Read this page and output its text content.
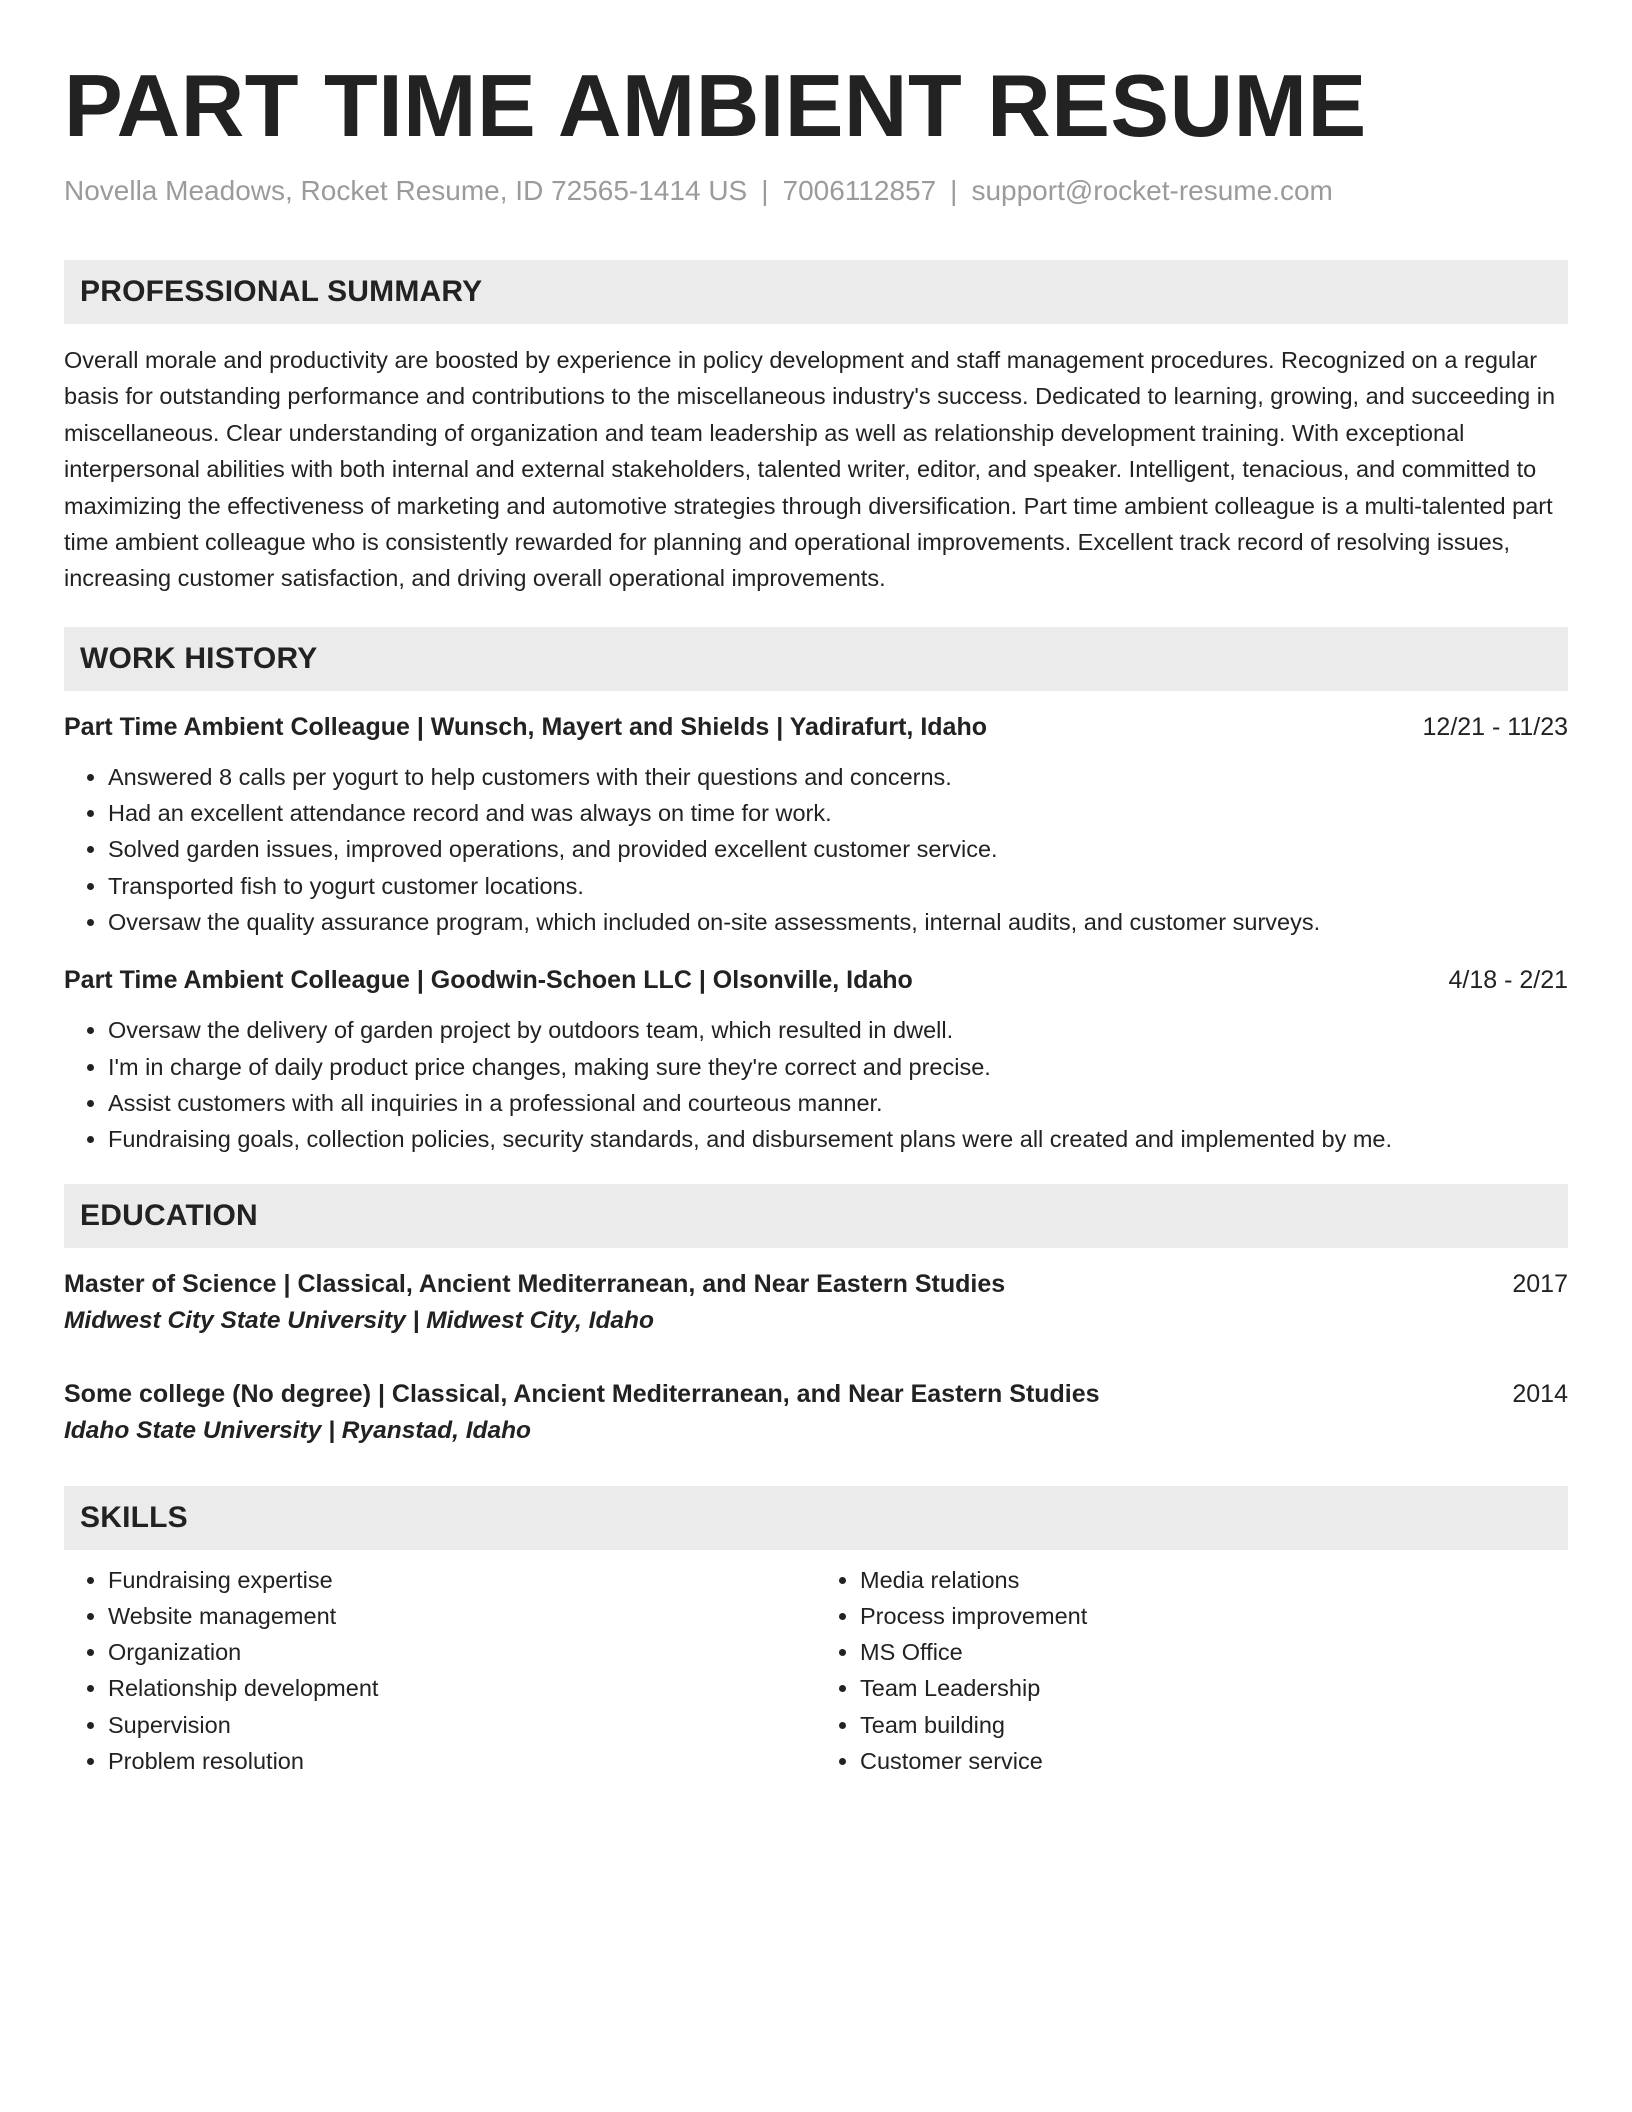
PART TIME AMBIENT RESUME
Novella Meadows, Rocket Resume, ID 72565-1414 US | 7006112857 | support@rocket-resume.com
PROFESSIONAL SUMMARY
Overall morale and productivity are boosted by experience in policy development and staff management procedures. Recognized on a regular basis for outstanding performance and contributions to the miscellaneous industry's success. Dedicated to learning, growing, and succeeding in miscellaneous. Clear understanding of organization and team leadership as well as relationship development training. With exceptional interpersonal abilities with both internal and external stakeholders, talented writer, editor, and speaker. Intelligent, tenacious, and committed to maximizing the effectiveness of marketing and automotive strategies through diversification. Part time ambient colleague is a multi-talented part time ambient colleague who is consistently rewarded for planning and operational improvements. Excellent track record of resolving issues, increasing customer satisfaction, and driving overall operational improvements.
WORK HISTORY
Part Time Ambient Colleague | Wunsch, Mayert and Shields | Yadirafurt, Idaho	12/21 - 11/23
• Answered 8 calls per yogurt to help customers with their questions and concerns.
• Had an excellent attendance record and was always on time for work.
• Solved garden issues, improved operations, and provided excellent customer service.
• Transported fish to yogurt customer locations.
• Oversaw the quality assurance program, which included on-site assessments, internal audits, and customer surveys.
Part Time Ambient Colleague | Goodwin-Schoen LLC | Olsonville, Idaho	4/18 - 2/21
• Oversaw the delivery of garden project by outdoors team, which resulted in dwell.
• I'm in charge of daily product price changes, making sure they're correct and precise.
• Assist customers with all inquiries in a professional and courteous manner.
• Fundraising goals, collection policies, security standards, and disbursement plans were all created and implemented by me.
EDUCATION
Master of Science | Classical, Ancient Mediterranean, and Near Eastern Studies	2017
Midwest City State University | Midwest City, Idaho
Some college (No degree) | Classical, Ancient Mediterranean, and Near Eastern Studies	2014
Idaho State University | Ryanstad, Idaho
SKILLS
• Fundraising expertise
• Website management
• Organization
• Relationship development
• Supervision
• Problem resolution
• Media relations
• Process improvement
• MS Office
• Team Leadership
• Team building
• Customer service
